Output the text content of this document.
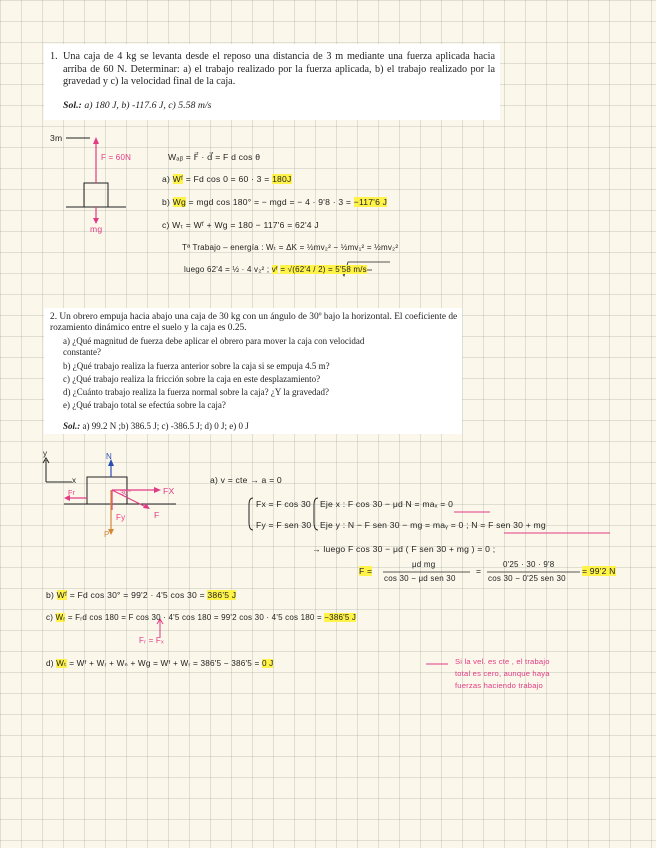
1. Una caja de 4 kg se levanta desde el reposo una distancia de 3 m mediante una fuerza aplicada hacia arriba de 60 N. Determinar: a) el trabajo realizado por la fuerza aplicada, b) el trabajo realizado por la gravedad y c) la velocidad final de la caja.
Sol.: a) 180 J, b) -117.6 J, c) 5.58 m/s
3m
F = 60N
mg
Wₐᵦ = F⃗ · d⃗ = F d cos θ
a) Wᶠ = Fd cos 0 = 60 · 3 = 180J
b) Wg = mgd cos 180° = − mgd = − 4 · 9'8 · 3 = −117'6 J
c) Wₜ = Wᶠ + Wg = 180 − 117'6 = 62'4 J
Tª Trabajo – energía : Wₜ = ΔK = ½mv₂² − ½mv₁² = ½mv₂²
luego 62'4 = ½ · 4 v₂² ; vᶠ = √(62'4 / 2) = 5'58 m/s
2. Un obrero empuja hacia abajo una caja de 30 kg con un ángulo de 30º bajo la horizontal. El coeficiente de rozamiento dinámico entre el suelo y la caja es 0.25.
a) ¿Qué magnitud de fuerza debe aplicar el obrero para mover la caja con velocidad constante?
b) ¿Qué trabajo realiza la fuerza anterior sobre la caja si se empuja 4.5 m?
c) ¿Qué trabajo realiza la fricción sobre la caja en este desplazamiento?
d) ¿Cuánto trabajo realiza la fuerza normal sobre la caja? ¿Y la gravedad?
e) ¿Qué trabajo total se efectúa sobre la caja?
Sol.: a) 99.2 N ;b) 386.5 J; c) -386.5 J; d) 0 J; e) 0 J
y
x
N
FX
Fr	30°
Fy	F
P
a) v = cte → a = 0
Fx = F cos 30
Fy = F sen 30
Eje x : F cos 30 − μd N = maₓ = 0
Eje y : N − F sen 30 − mg = maᵧ = 0 ; N = F sen 30 + mg
→ luego F cos 30 − μd ( F sen 30 + mg ) = 0 ;
F =
μd mg
cos 30 − μd sen 30
=
0'25 · 30 · 9'8
cos 30 − 0'25 sen 30
= 99'2 N
b) Wᶠ = Fd cos 30° = 99'2 · 4'5 cos 30 = 386'5 J
c) Wᵣ = Fᵣd cos 180 = F cos 30 · 4'5 cos 180 = 99'2 cos 30 · 4'5 cos 180 = −386'5 J
Fᵣ = Fₓ
d) Wₜ = Wᶠ + Wᵣ + Wₙ + Wg = Wᶠ + Wᵣ = 386'5 − 386'5 = 0 J	Si la vel. es cte , el trabajo
total es cero, aunque haya
fuerzas haciendo trabajo
